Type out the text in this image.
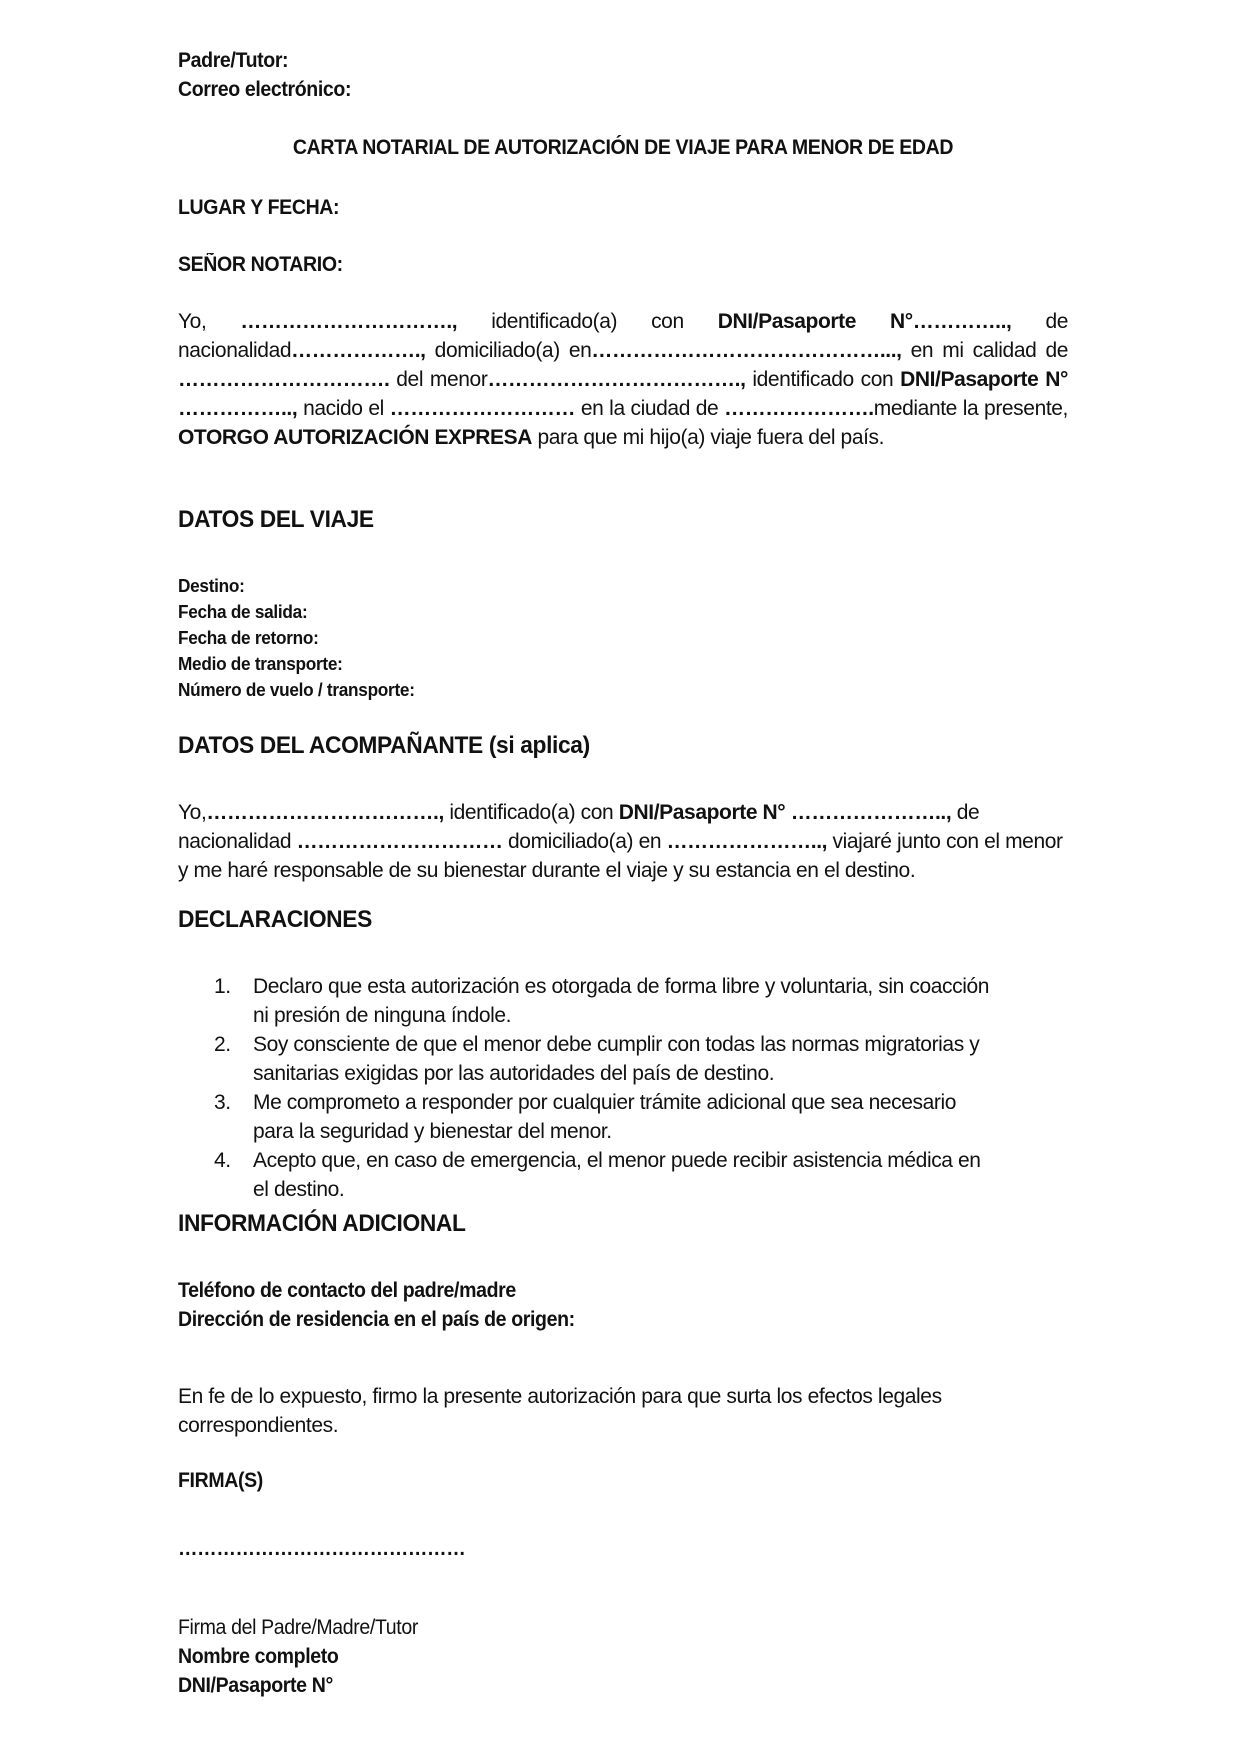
Padre/Tutor:
Correo electrónico:
CARTA NOTARIAL DE AUTORIZACIÓN DE VIAJE PARA MENOR DE EDAD
LUGAR Y FECHA:
SEÑOR NOTARIO:
Yo, …………………………., identificado(a) con DNI/Pasaporte N°………….., de nacionalidad………………., domiciliado(a) en……………………………………..., en mi calidad de …………………………. del menor………………………………., identificado con DNI/Pasaporte N° …………….., nacido el ……………………… en la ciudad de ………………….mediante la presente, OTORGO AUTORIZACIÓN EXPRESA para que mi hijo(a) viaje fuera del país.
DATOS DEL VIAJE
Destino:
Fecha de salida:
Fecha de retorno:
Medio de transporte:
Número de vuelo / transporte:
DATOS DEL ACOMPAÑANTE (si aplica)
Yo,……………………………., identificado(a) con DNI/Pasaporte N° ………………….., de nacionalidad ………………………… domiciliado(a) en ………………….., viajaré junto con el menor y me haré responsable de su bienestar durante el viaje y su estancia en el destino.
DECLARACIONES
1. Declaro que esta autorización es otorgada de forma libre y voluntaria, sin coacción ni presión de ninguna índole.
2. Soy consciente de que el menor debe cumplir con todas las normas migratorias y sanitarias exigidas por las autoridades del país de destino.
3. Me comprometo a responder por cualquier trámite adicional que sea necesario para la seguridad y bienestar del menor.
4. Acepto que, en caso de emergencia, el menor puede recibir asistencia médica en el destino.
INFORMACIÓN ADICIONAL
Teléfono de contacto del padre/madre
Dirección de residencia en el país de origen:
En fe de lo expuesto, firmo la presente autorización para que surta los efectos legales correspondientes.
FIRMA(S)
………………………………………
Firma del Padre/Madre/Tutor
Nombre completo
DNI/Pasaporte N°
